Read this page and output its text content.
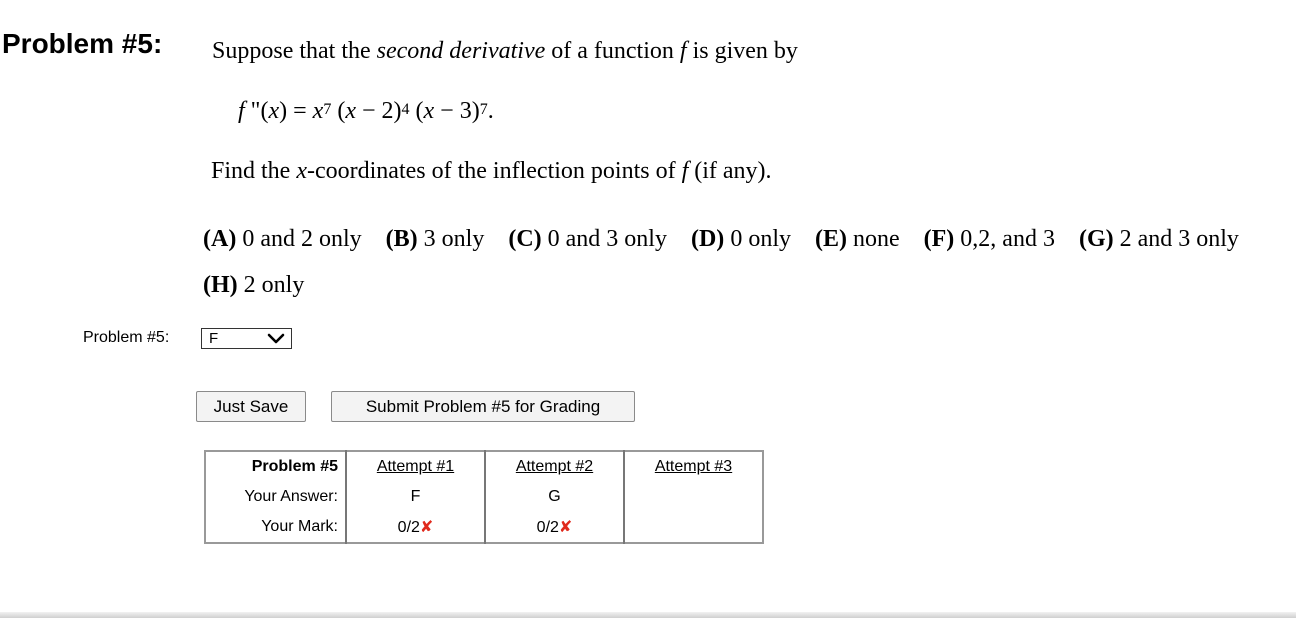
Problem #5: Suppose that the second derivative of a function f is given by
f "$(x) = x^7$ $(x - 2)^4$ $(x - 3)^7$.
Find the x-coordinates of the inflection points of f (if any).
(A) 0 and 2 only (B) 3 only (C) 0 and 3 only (D) 0 only (E) none (F) 0,2, and 3 (G) 2 and 3 only
(H) 2 only
Problem #5:	F
Just Save	Submit Problem #5 for Grading
Problem #5	Attempt #1	Attempt #2	Attempt #3
Your Answer:	F	G	
Your Mark:	0/2✘	0/2✘	
